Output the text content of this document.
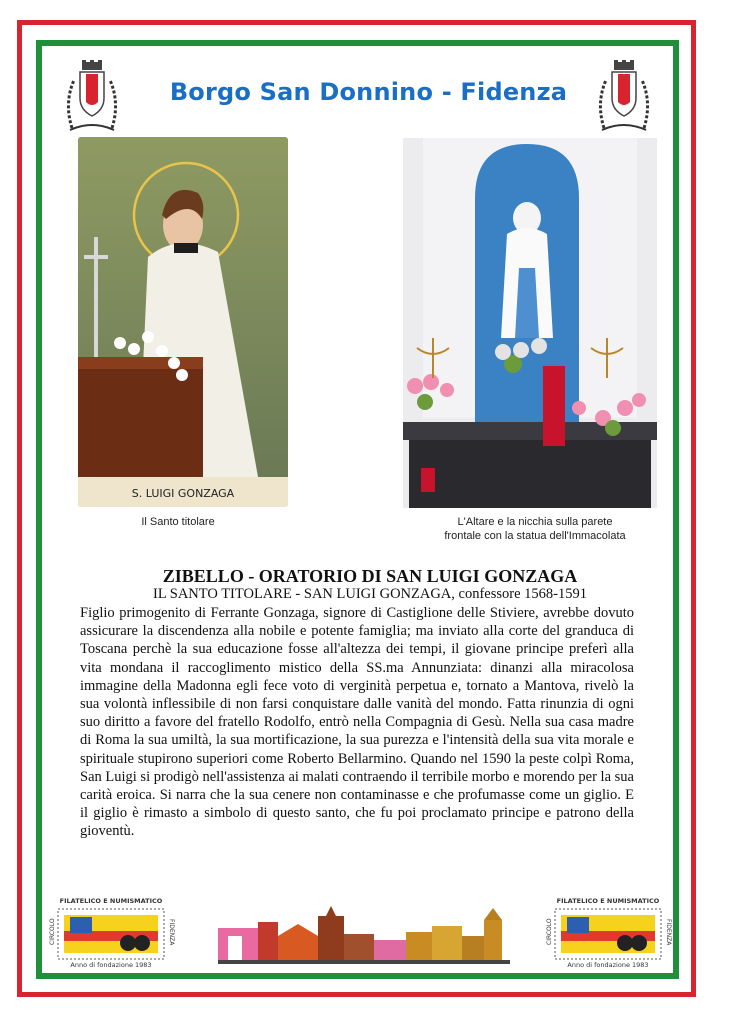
Borgo San Donnino - Fidenza
S. LUIGI GONZAGA
Il Santo titolare	L'Altare e la nicchia sulla parete
frontale con la statua dell'Immacolata
ZIBELLO - ORATORIO DI SAN LUIGI GONZAGA
IL SANTO TITOLARE - SAN LUIGI GONZAGA, confessore 1568-1591
Figlio primogenito di Ferrante Gonzaga, signore di Castiglione delle Stiviere, avrebbe dovuto assicurare la discendenza alla nobile e potente famiglia; ma inviato alla corte del granduca di Toscana perchè la sua educazione fosse all'altezza dei tempi, il giovane principe preferì alla vita mondana il raccoglimento mistico della SS.ma Annunziata: dinanzi alla miracolosa immagine della Madonna egli fece voto di verginità perpetua e, tornato a Mantova, rivelò la sua volontà inflessibile di non farsi conquistare dalle vanità del mondo. Fatta rinunzia di ogni suo diritto a favore del fratello Rodolfo, entrò nella Compagnia di Gesù. Nella sua casa madre di Roma la sua umiltà, la sua mortificazione, la sua purezza e l'intensità della sua vita morale e spirituale stupirono superiori come Roberto Bellarmino. Quando nel 1590 la peste colpì Roma, San Luigi si prodigò nell'assistenza ai malati contraendo il terribile morbo e morendo per la sua carità eroica. Si narra che la sua cenere non contaminasse e che profumasse come un giglio. E il giglio è rimasto a simbolo di questo santo, che fu poi proclamato principe e patrono della gioventù.
FILATELICO E NUMISMATICO
CIRCOLO	FIDENZA
Anno di fondazione 1983
FILATELICO E NUMISMATICO
CIRCOLO	FIDENZA
Anno di fondazione 1983
